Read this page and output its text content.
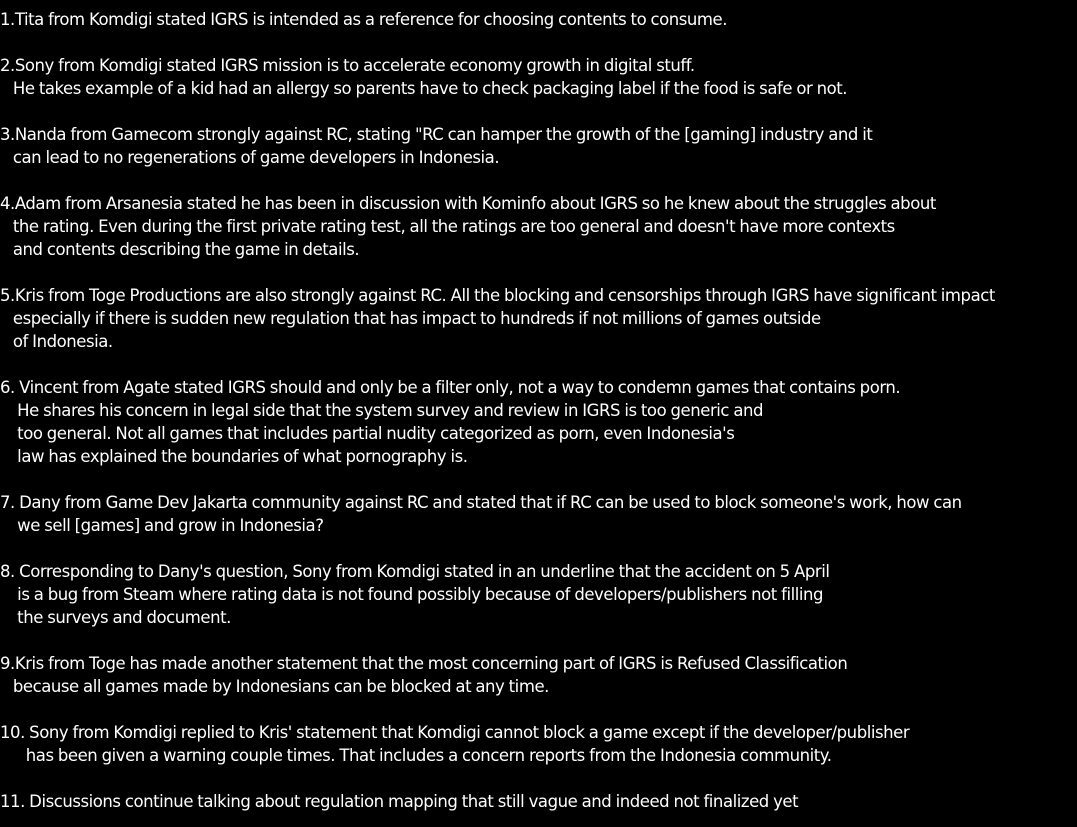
1.Tita from Komdigi stated IGRS is intended as a reference for choosing contents to consume.
2.Sony from Komdigi stated IGRS mission is to accelerate economy growth in digital stuff.
He takes example of a kid had an allergy so parents have to check packaging label if the food is safe or not.
3.Nanda from Gamecom strongly against RC, stating "RC can hamper the growth of the [gaming] industry and it
can lead to no regenerations of game developers in Indonesia.
4.Adam from Arsanesia stated he has been in discussion with Kominfo about IGRS so he knew about the struggles about
the rating. Even during the first private rating test, all the ratings are too general and doesn't have more contexts
and contents describing the game in details.
5.Kris from Toge Productions are also strongly against RC. All the blocking and censorships through IGRS have significant impact
especially if there is sudden new regulation that has impact to hundreds if not millions of games outside
of Indonesia.
6. Vincent from Agate stated IGRS should and only be a filter only, not a way to condemn games that contains porn.
He shares his concern in legal side that the system survey and review in IGRS is too generic and
too general. Not all games that includes partial nudity categorized as porn, even Indonesia's
law has explained the boundaries of what pornography is.
7. Dany from Game Dev Jakarta community against RC and stated that if RC can be used to block someone's work, how can
we sell [games] and grow in Indonesia?
8. Corresponding to Dany's question, Sony from Komdigi stated in an underline that the accident on 5 April
is a bug from Steam where rating data is not found possibly because of developers/publishers not filling
the surveys and document.
9.Kris from Toge has made another statement that the most concerning part of IGRS is Refused Classification
because all games made by Indonesians can be blocked at any time.
10. Sony from Komdigi replied to Kris' statement that Komdigi cannot block a game except if the developer/publisher
has been given a warning couple times. That includes a concern reports from the Indonesia community.
11. Discussions continue talking about regulation mapping that still vague and indeed not finalized yet
